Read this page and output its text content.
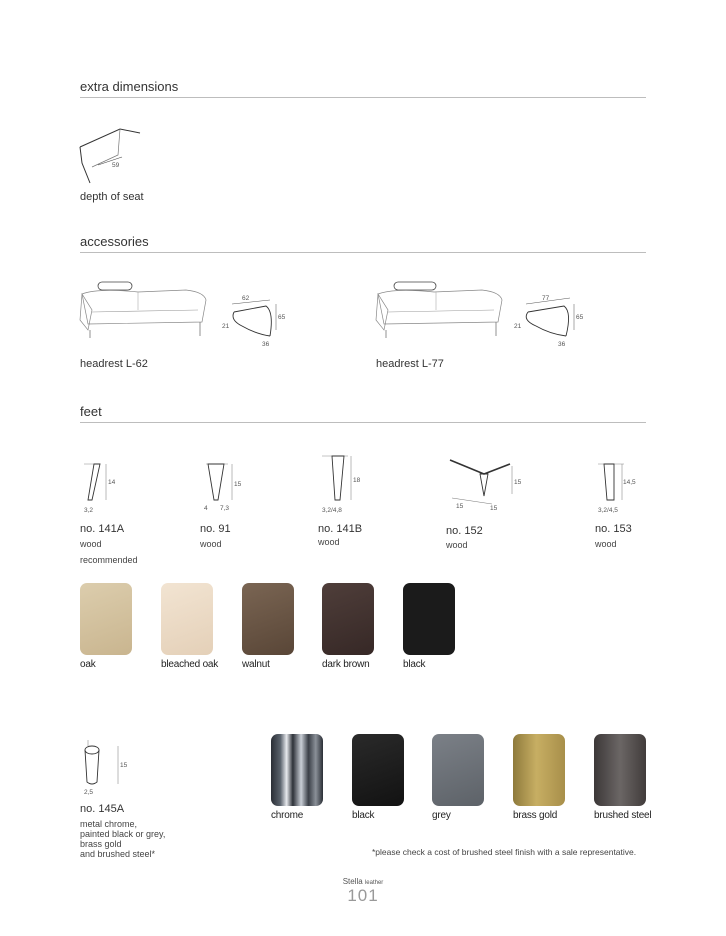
extra dimensions
59
depth of seat
accessories
62
65
21
36
headrest L-62
77
65
21
36
headrest L-77
feet
14
3,2
no. 141A
wood
recommended
15
4 7,3
no. 91
wood
18
3,2/4,8
no. 141B
wood
15
15	15
no. 152
wood
14,5
3,2/4,5
no. 153
wood
oak	bleached oak walnut	dark brown	black
15
2,5
no. 145A
metal chrome,
painted black or grey,
brass gold
and brushed steel*
chrome	black	grey	brass gold	brushed steel
*please check a cost of brushed steel finish with a sale representative.
Stella leather
101
